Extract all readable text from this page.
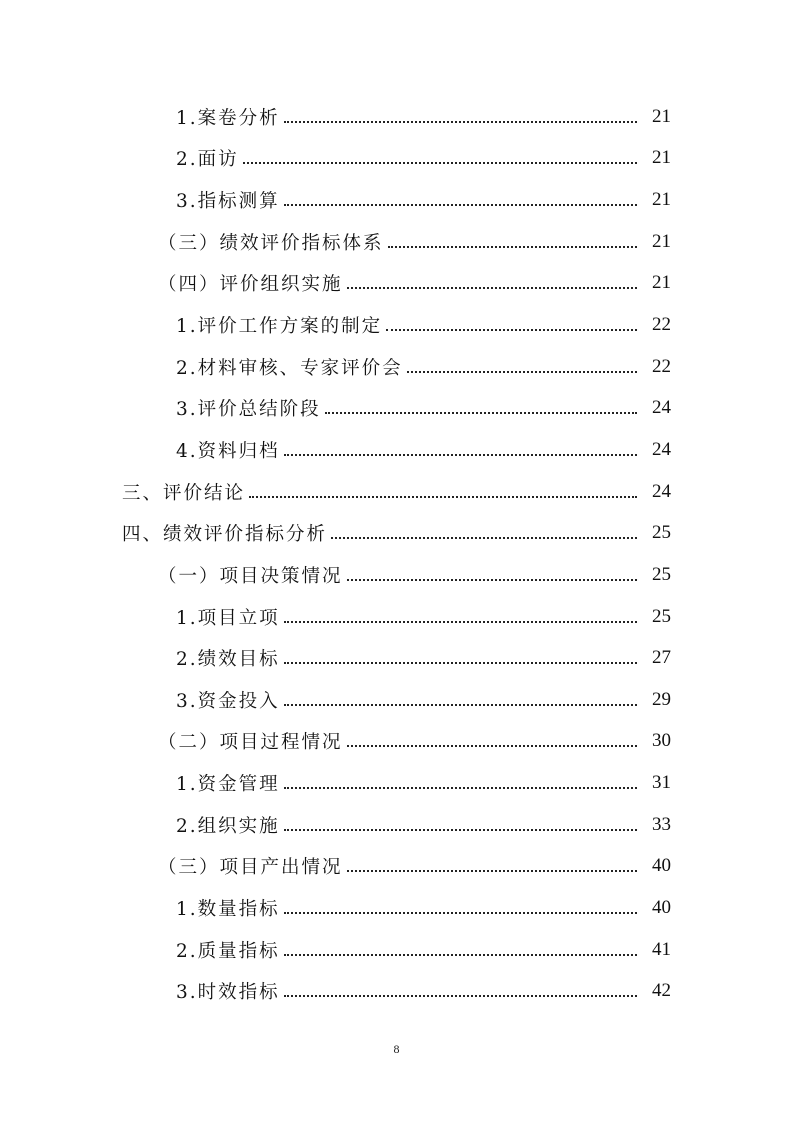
1.案卷分析	21
2.面访	21
3.指标测算	21
（三）绩效评价指标体系	21
（四）评价组织实施	21
1.评价工作方案的制定	22
2.材料审核、专家评价会	22
3.评价总结阶段	24
4.资料归档	24
三、评价结论	24
四、绩效评价指标分析	25
（一）项目决策情况	25
1.项目立项	25
2.绩效目标	27
3.资金投入	29
（二）项目过程情况	30
1.资金管理	31
2.组织实施	33
（三）项目产出情况	40
1.数量指标	40
2.质量指标	41
3.时效指标	42
8
